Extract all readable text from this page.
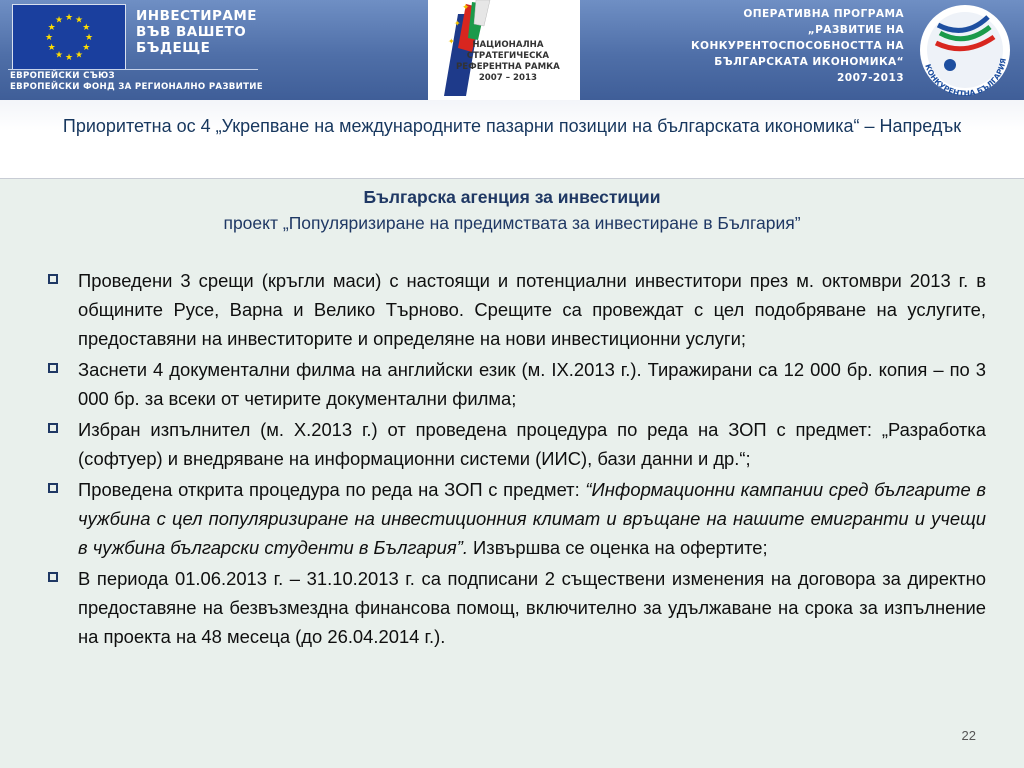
★ ★
★
★
★
★
★
★
★
★
★
★	ИНВЕСТИРАМЕ
ВЪВ ВАШЕТО
БЪДЕЩЕ
ЕВРОПЕЙСКИ СЪЮЗ
ЕВРОПЕЙСКИ ФОНД ЗА РЕГИОНАЛНО РАЗВИТИЕ
✦
✦
✦	НАЦИОНАЛНА
СТРАТЕГИЧЕСКА
РЕФЕРЕНТНА РАМКА
2007 – 2013
ОПЕРАТИВНА ПРОГРАМА
„РАЗВИТИЕ НА
КОНКУРЕНТОСПОСОБНОСТТА НА
БЪЛГАРСКАТА ИКОНОМИКА“
2007-2013
КОНКУРЕНТНА БЪЛГАРИЯ
Приоритетна ос 4 „Укрепване на международните пазарни позиции на българската икономика“ – Напредък
Българска агенция за инвестиции
проект „Популяризиране на предимствата за инвестиране в България”
Проведени 3 срещи (кръгли маси) с настоящи и потенциални инвеститори през м. октомври 2013 г. в общините Русе, Варна и Велико Търново. Срещите са провеждат с цел подобряване на услугите, предоставяни на инвеститорите и определяне на нови инвестиционни услуги;
Заснети 4 документални филма на английски език (м. IX.2013 г.). Тиражирани са 12 000 бр. копия – по 3 000 бр. за всеки от четирите документални филма;
Избран изпълнител (м. X.2013 г.) от проведена процедура по реда на ЗОП с предмет: „Разработка (софтуер) и внедряване на информационни системи (ИИС), бази данни и др.“;
Проведена открита процедура по реда на ЗОП с предмет: “Информационни кампании сред българите в чужбина с цел популяризиране на инвестиционния климат и връщане на нашите емигранти и учещи в чужбина български студенти в България”. Извършва се оценка на офертите;
В периода 01.06.2013 г. – 31.10.2013 г. са подписани 2 съществени изменения на договора за директно предоставяне на безвъзмездна финансова помощ, включително за удължаване на срока за изпълнение на проекта на 48 месеца (до 26.04.2014 г.).
22
